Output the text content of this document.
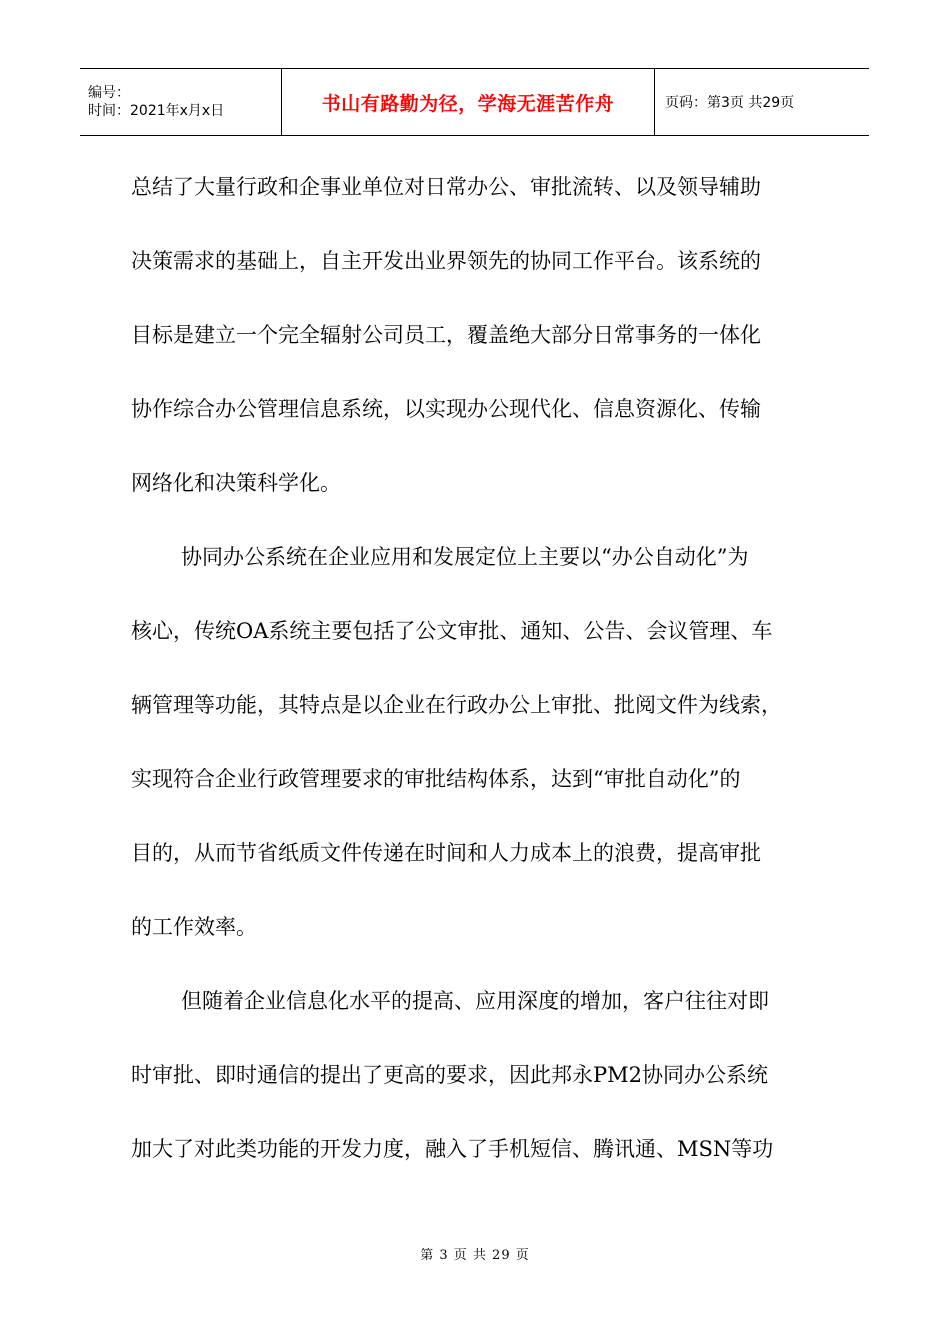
编号：
时间：2021年x月x日	书山有路勤为径，学海无涯苦作舟	页码：第3页 共29页
总结了大量行政和企事业单位对日常办公、审批流转、以及领导辅助
决策需求的基础上，自主开发出业界领先的协同工作平台。该系统的
目标是建立一个完全辐射公司员工，覆盖绝大部分日常事务的一体化
协作综合办公管理信息系统，以实现办公现代化、信息资源化、传输
网络化和决策科学化。
协同办公系统在企业应用和发展定位上主要以“办公自动化”为
核心，传统OA系统主要包括了公文审批、通知、公告、会议管理、车
辆管理等功能，其特点是以企业在行政办公上审批、批阅文件为线索，
实现符合企业行政管理要求的审批结构体系，达到“审批自动化”的
目的，从而节省纸质文件传递在时间和人力成本上的浪费，提高审批
的工作效率。
但随着企业信息化水平的提高、应用深度的增加，客户往往对即
时审批、即时通信的提出了更高的要求，因此邦永PM2协同办公系统
加大了对此类功能的开发力度，融入了手机短信、腾讯通、MSN等功
第 3 页 共 29 页
